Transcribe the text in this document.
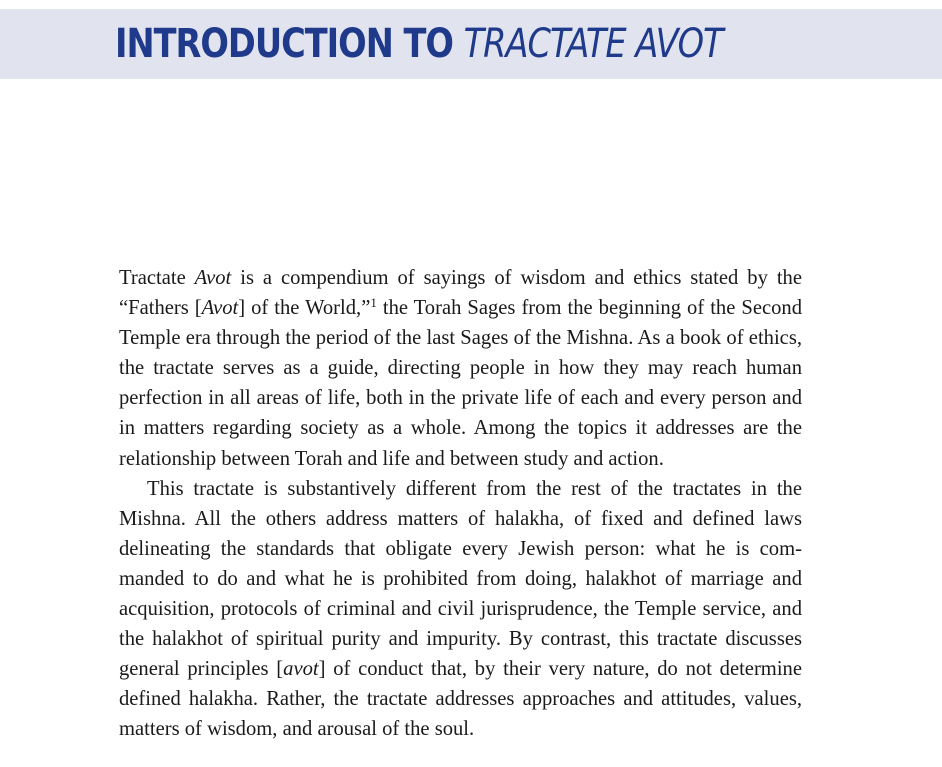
INTRODUCTION TO TRACTATE AVOT

Tractate Avot is a compendium of sayings of wisdom and ethics stated by the “Fathers [Avot] of the World,”$^1$ the Torah Sages from the beginning of the Second Temple era through the period of the last Sages of the Mishna. As a book of ethics, the tractate serves as a guide, directing people in how they may reach human perfection in all areas of life, both in the private life of each and every person and in matters regarding society as a whole. Among the topics it addresses are the relationship between Torah and life and between study and action.

This tractate is substantively different from the rest of the tractates in the Mishna. All the others address matters of halakha, of fixed and defined laws delineating the standards that obligate every Jewish person: what he is commanded to do and what he is prohibited from doing, halakhot of marriage and acquisition, protocols of criminal and civil jurisprudence, the Temple service, and the halakhot of spiritual purity and impurity. By contrast, this tractate discusses general principles [avot] of conduct that, by their very nature, do not determine defined halakha. Rather, the tractate addresses approaches and attitudes, values, matters of wisdom, and arousal of the soul.
